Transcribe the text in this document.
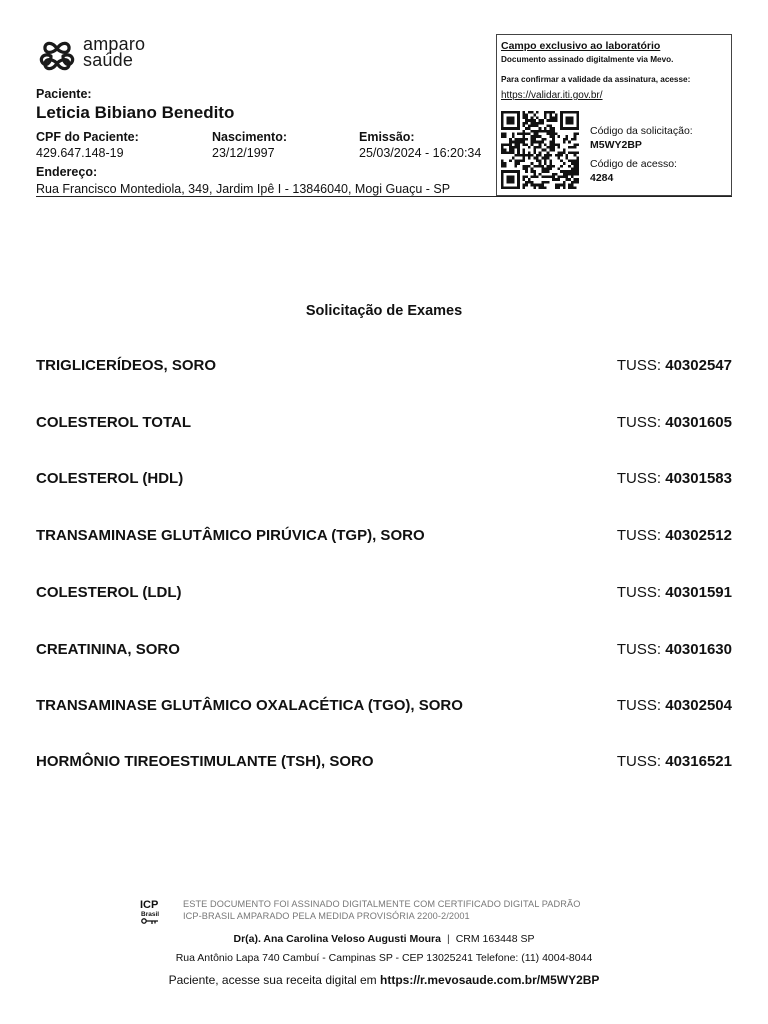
amparo
saúde
Paciente:
Leticia Bibiano Benedito
CPF do Paciente:
429.647.148-19
Nascimento:
23/12/1997
Emissão:
25/03/2024 - 16:20:34
Endereço:
Rua Francisco Montediola, 349, Jardim Ipê I - 13846040, Mogi Guaçu - SP
Campo exclusivo ao laboratório
Documento assinado digitalmente via Mevo.
Para confirmar a validade da assinatura, acesse:
https://validar.iti.gov.br/
Código da solicitação:
M5WY2BP
Código de acesso:
4284
Solicitação de Exames
TRIGLICERÍDEOS, SORO	TUSS: 40302547
COLESTEROL TOTAL	TUSS: 40301605
COLESTEROL (HDL)	TUSS: 40301583
TRANSAMINASE GLUTÂMICO PIRÚVICA (TGP), SORO	TUSS: 40302512
COLESTEROL (LDL)	TUSS: 40301591
CREATININA, SORO	TUSS: 40301630
TRANSAMINASE GLUTÂMICO OXALACÉTICA (TGO), SORO	TUSS: 40302504
HORMÔNIO TIREOESTIMULANTE (TSH), SORO	TUSS: 40316521
ICP
Brasil
ESTE DOCUMENTO FOI ASSINADO DIGITALMENTE COM CERTIFICADO DIGITAL PADRÃO
ICP-BRASIL AMPARADO PELA MEDIDA PROVISÓRIA 2200-2/2001
Dr(a). Ana Carolina Veloso Augusti Moura | CRM 163448 SP
Rua Antônio Lapa 740 Cambuí - Campinas SP - CEP 13025241 Telefone: (11) 4004-8044
Paciente, acesse sua receita digital em https://r.mevosaude.com.br/M5WY2BP
